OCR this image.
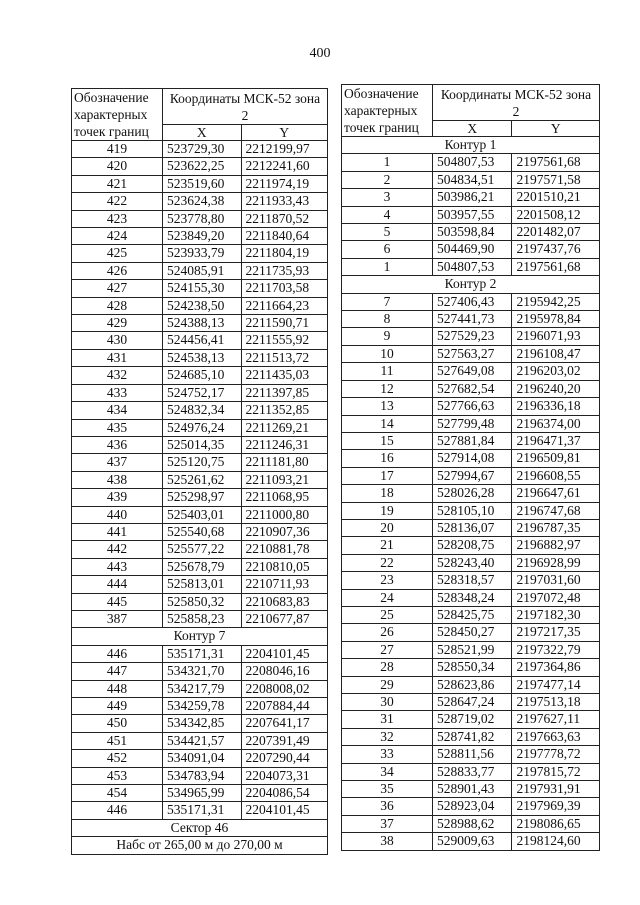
400
Обозначение характерных точек границ	Координаты МСК-52 зона 2	
	X	Y
419	523729,30	2212199,97
420	523622,25	2212241,60
421	523519,60	2211974,19
422	523624,38	2211933,43
423	523778,80	2211870,52
424	523849,20	2211840,64
425	523933,79	2211804,19
426	524085,91	2211735,93
427	524155,30	2211703,58
428	524238,50	2211664,23
429	524388,13	2211590,71
430	524456,41	2211555,92
431	524538,13	2211513,72
432	524685,10	2211435,03
433	524752,17	2211397,85
434	524832,34	2211352,85
435	524976,24	2211269,21
436	525014,35	2211246,31
437	525120,75	2211181,80
438	525261,62	2211093,21
439	525298,97	2211068,95
440	525403,01	2211000,80
441	525540,68	2210907,36
442	525577,22	2210881,78
443	525678,79	2210810,05
444	525813,01	2210711,93
445	525850,32	2210683,83
387	525858,23	2210677,87
Контур 7		
446	535171,31	2204101,45
447	534321,70	2208046,16
448	534217,79	2208008,02
449	534259,78	2207884,44
450	534342,85	2207641,17
451	534421,57	2207391,49
452	534091,04	2207290,44
453	534783,94	2204073,31
454	534965,99	2204086,54
446	535171,31	2204101,45
Сектор 46		
Набс от 265,00 м до 270,00 м		
Обозначение характерных точек границ	Координаты МСК-52 зона 2	
	X	Y
Контур 1		
1	504807,53	2197561,68
2	504834,51	2197571,58
3	503986,21	2201510,21
4	503957,55	2201508,12
5	503598,84	2201482,07
6	504469,90	2197437,76
1	504807,53	2197561,68
Контур 2		
7	527406,43	2195942,25
8	527441,73	2195978,84
9	527529,23	2196071,93
10	527563,27	2196108,47
11	527649,08	2196203,02
12	527682,54	2196240,20
13	527766,63	2196336,18
14	527799,48	2196374,00
15	527881,84	2196471,37
16	527914,08	2196509,81
17	527994,67	2196608,55
18	528026,28	2196647,61
19	528105,10	2196747,68
20	528136,07	2196787,35
21	528208,75	2196882,97
22	528243,40	2196928,99
23	528318,57	2197031,60
24	528348,24	2197072,48
25	528425,75	2197182,30
26	528450,27	2197217,35
27	528521,99	2197322,79
28	528550,34	2197364,86
29	528623,86	2197477,14
30	528647,24	2197513,18
31	528719,02	2197627,11
32	528741,82	2197663,63
33	528811,56	2197778,72
34	528833,77	2197815,72
35	528901,43	2197931,91
36	528923,04	2197969,39
37	528988,62	2198086,65
38	529009,63	2198124,60
